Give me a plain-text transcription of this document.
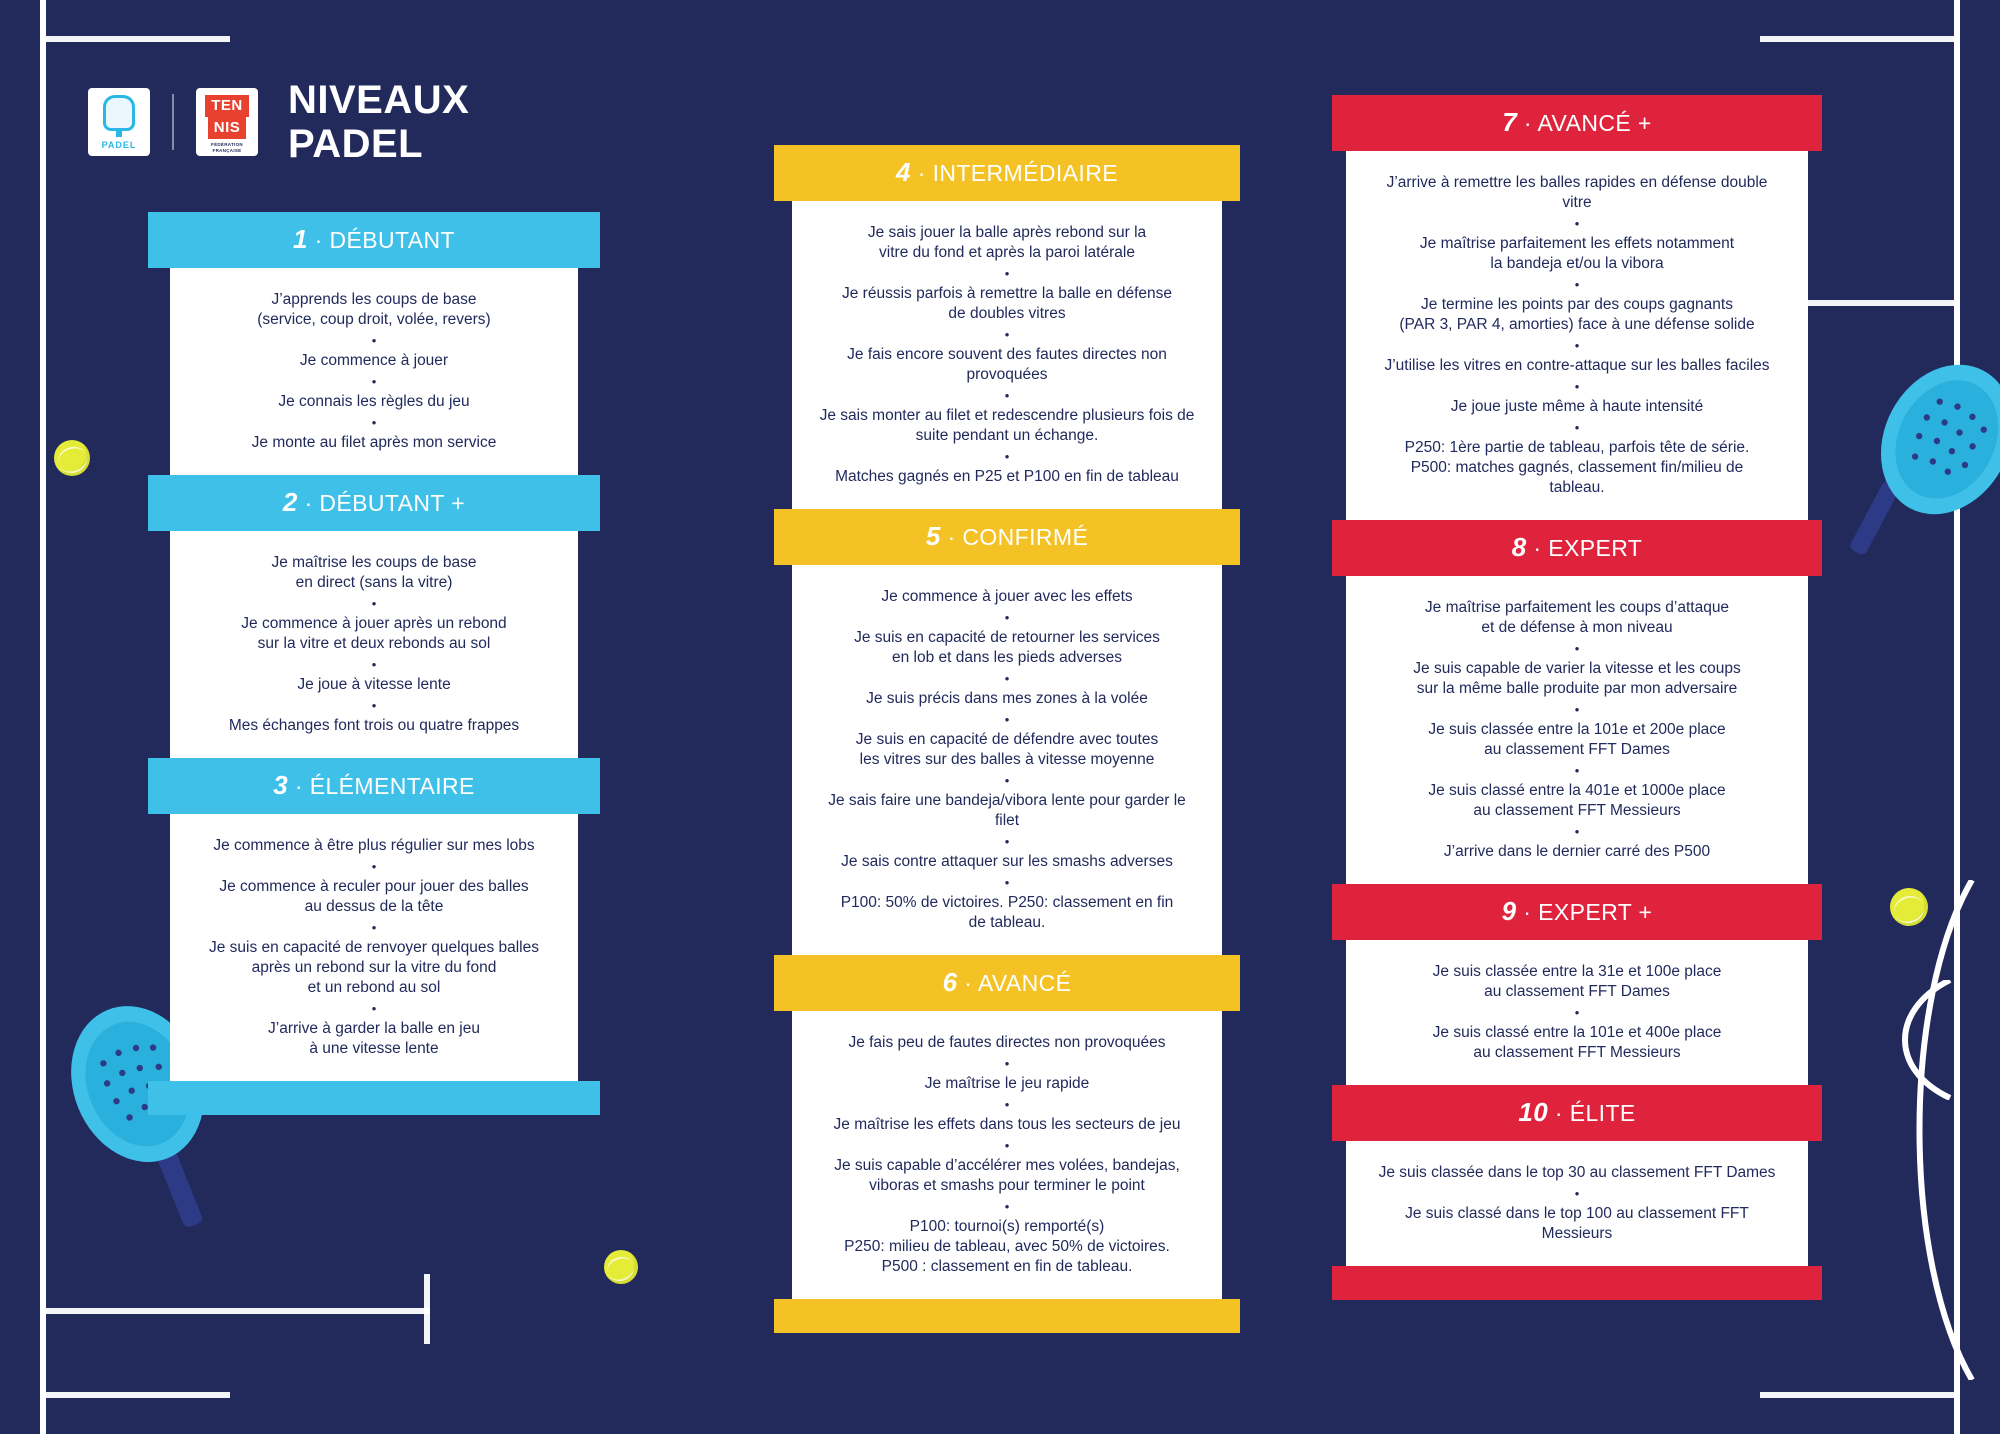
PADEL
TEN
NIS
FÉDÉRATION FRANÇAISE
NIVEAUX
PADEL
1 · DÉBUTANT
J’apprends les coups de base
(service, coup droit, volée, revers)
•
Je commence à jouer
•
Je connais les règles du jeu
•
Je monte au filet après mon service
2 · DÉBUTANT +
Je maîtrise les coups de base
en direct (sans la vitre)
•
Je commence à jouer après un rebond
sur la vitre et deux rebonds au sol
•
Je joue à vitesse lente
•
Mes échanges font trois ou quatre frappes
3 · ÉLÉMENTAIRE
Je commence à être plus régulier sur mes lobs
•
Je commence à reculer pour jouer des balles
au dessus de la tête
•
Je suis en capacité de renvoyer quelques balles
après un rebond sur la vitre du fond
et un rebond au sol
•
J’arrive à garder la balle en jeu
à une vitesse lente
4 · INTERMÉDIAIRE
Je sais jouer la balle après rebond sur la
vitre du fond et après la paroi latérale
•
Je réussis parfois à remettre la balle en défense
de doubles vitres
•
Je fais encore souvent des fautes directes non provoquées
•
Je sais monter au filet et redescendre plusieurs fois de
suite pendant un échange.
•
Matches gagnés en P25 et P100 en fin de tableau
5 · CONFIRMÉ
Je commence à jouer avec les effets
•
Je suis en capacité de retourner les services
en lob et dans les pieds adverses
•
Je suis précis dans mes zones à la volée
•
Je suis en capacité de défendre avec toutes
les vitres sur des balles à vitesse moyenne
•
Je sais faire une bandeja/vibora lente pour garder le filet
•
Je sais contre attaquer sur les smashs adverses
•
P100: 50% de victoires. P250: classement en fin
de tableau.
6 · AVANCÉ
Je fais peu de fautes directes non provoquées
•
Je maîtrise le jeu rapide
•
Je maîtrise les effets dans tous les secteurs de jeu
•
Je suis capable d’accélérer mes volées, bandejas,
viboras et smashs pour terminer le point
•
P100: tournoi(s) remporté(s)
P250: milieu de tableau, avec 50% de victoires.
P500 : classement en fin de tableau.
7 · AVANCÉ +
J’arrive à remettre les balles rapides en défense double vitre
•
Je maîtrise parfaitement les effets notamment
la bandeja et/ou la vibora
•
Je termine les points par des coups gagnants
(PAR 3, PAR 4, amorties) face à une défense solide
•
J’utilise les vitres en contre-attaque sur les balles faciles
•
Je joue juste même à haute intensité
•
P250: 1ère partie de tableau, parfois tête de série.
P500: matches gagnés, classement fin/milieu de
tableau.
8 · EXPERT
Je maîtrise parfaitement les coups d’attaque
et de défense à mon niveau
•
Je suis capable de varier la vitesse et les coups
sur la même balle produite par mon adversaire
•
Je suis classée entre la 101e et 200e place
au classement FFT Dames
•
Je suis classé entre la 401e et 1000e place
au classement FFT Messieurs
•
J’arrive dans le dernier carré des P500
9 · EXPERT +
Je suis classée entre la 31e et 100e place
au classement FFT Dames
•
Je suis classé entre la 101e et 400e place
au classement FFT Messieurs
10 · ÉLITE
Je suis classée dans le top 30 au classement FFT Dames
•
Je suis classé dans le top 100 au classement FFT
Messieurs
